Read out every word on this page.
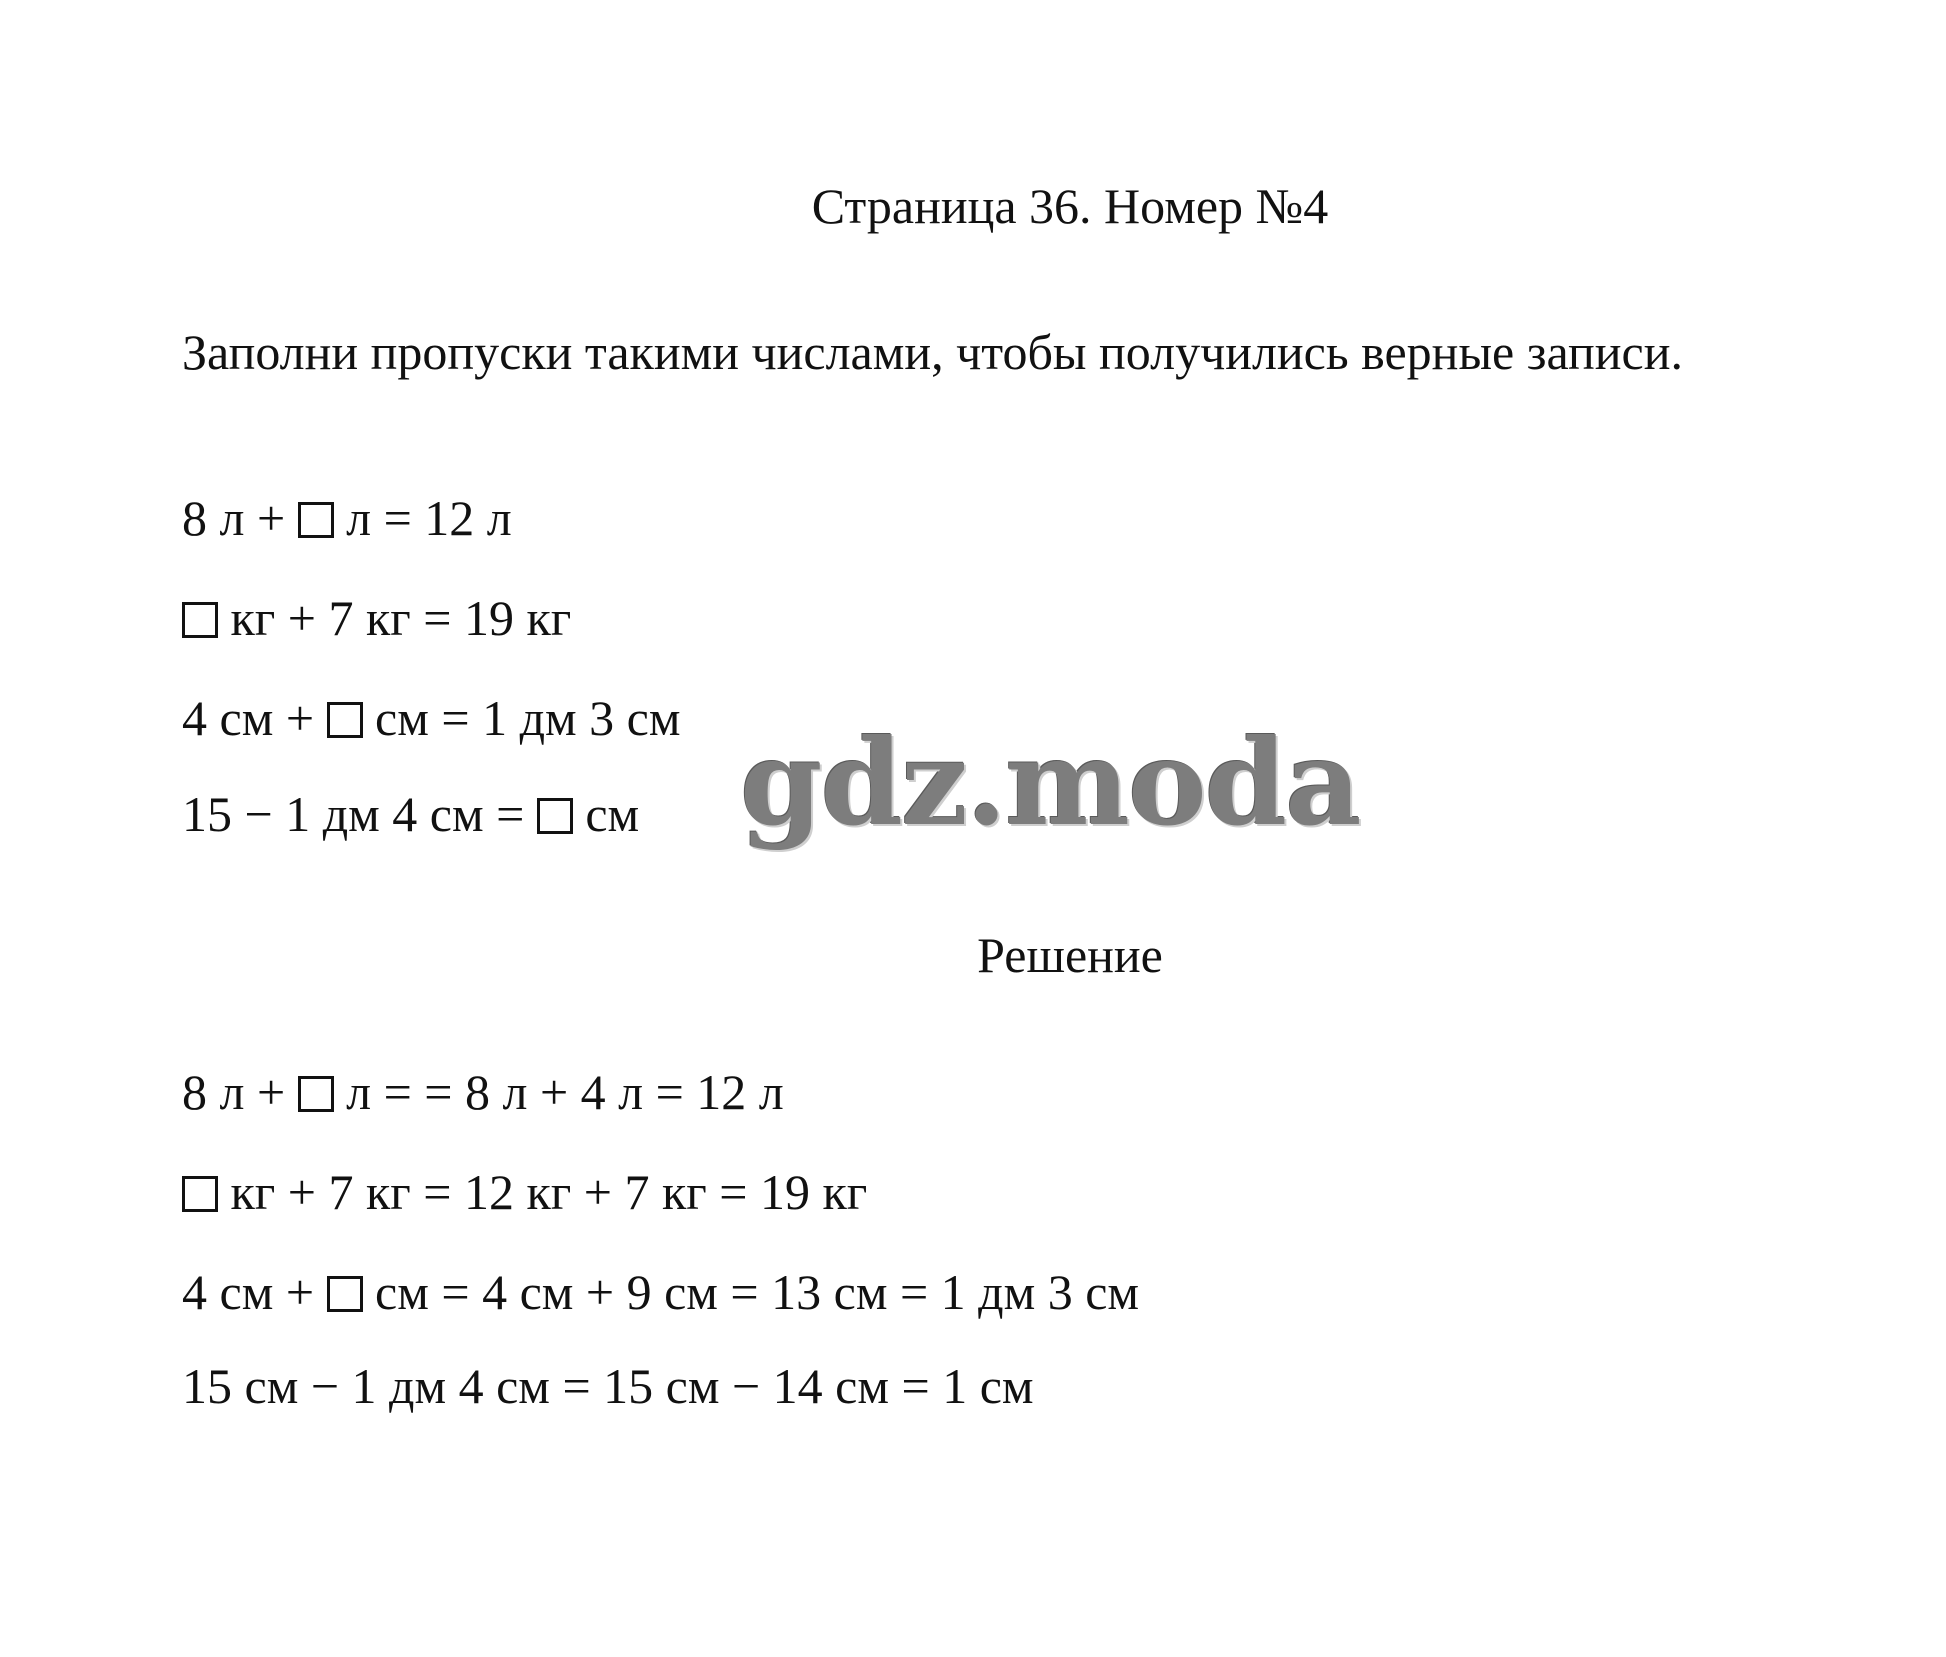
Страница 36. Номер №4
Заполни пропуски такими числами, чтобы получились верные записи.
8 л +  л = 12 л
кг + 7 кг = 19 кг
4 см +  см = 1 дм 3 см
15 − 1 дм 4 см =  см gdz.moda
Решение
8 л +  л = = 8 л + 4 л = 12 л
кг + 7 кг = 12 кг + 7 кг = 19 кг
4 см +  см = 4 см + 9 см = 13 см = 1 дм 3 см
15 см − 1 дм 4 см = 15 см − 14 см = 1 см
